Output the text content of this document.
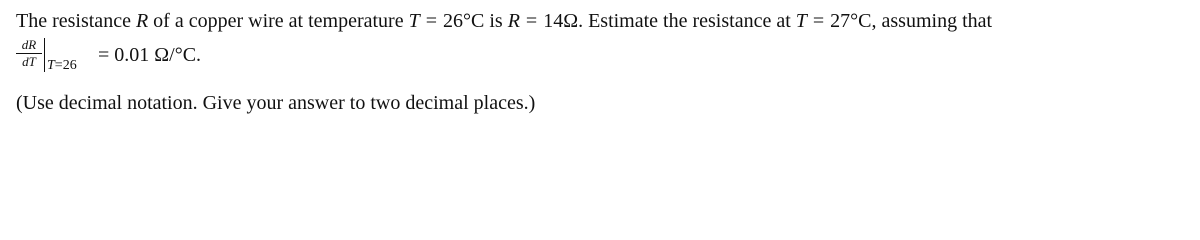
The resistance R of a copper wire at temperature T = 26°C is R = 14Ω. Estimate the resistance at T = 27°C, assuming that
$\frac{dR}{dT} T=26 = 0.01$ Ω/°C.
(Use decimal notation. Give your answer to two decimal places.)
